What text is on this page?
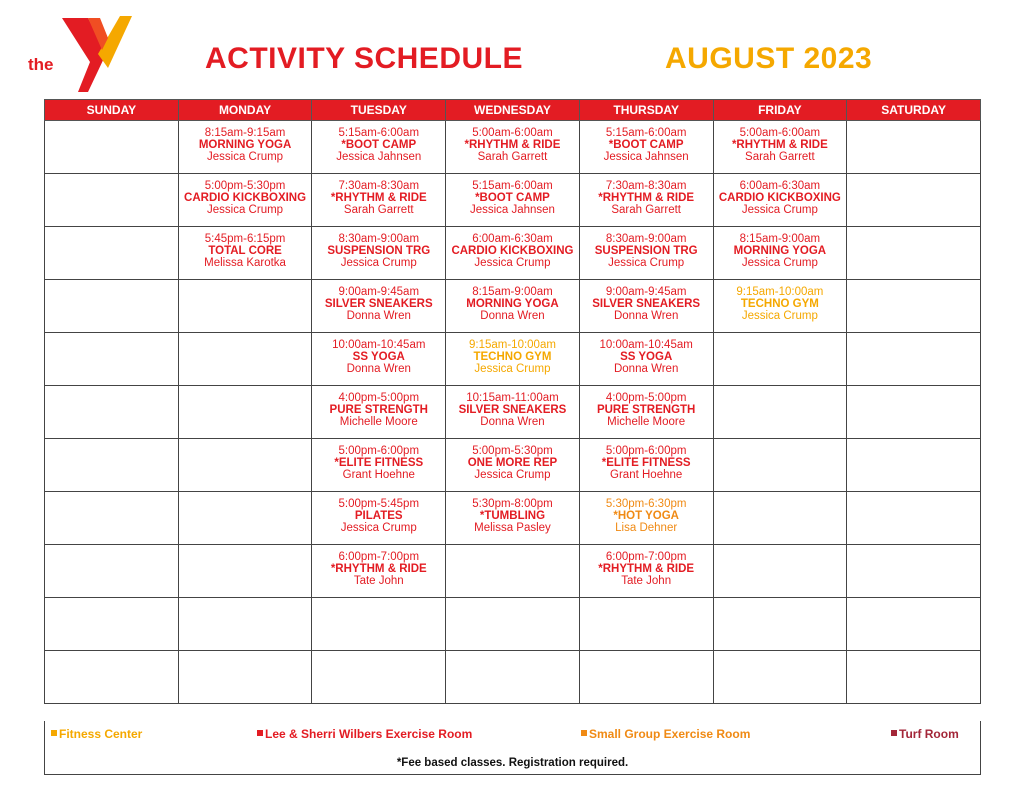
the
YMCA
ACTIVITY SCHEDULE	AUGUST 2023
SUNDAY	MONDAY	TUESDAY	WEDNESDAY	THURSDAY	FRIDAY	SATURDAY

	8:15am-9:15am
MORNING YOGA
Jessica Crump	5:15am-6:00am
*BOOT CAMP
Jessica Jahnsen	5:00am-6:00am
*RHYTHM & RIDE
Sarah Garrett	5:15am-6:00am
*BOOT CAMP
Jessica Jahnsen	5:00am-6:00am
*RHYTHM & RIDE
Sarah Garrett	

	5:00pm-5:30pm
CARDIO KICKBOXING
Jessica Crump	7:30am-8:30am
*RHYTHM & RIDE
Sarah Garrett	5:15am-6:00am
*BOOT CAMP
Jessica Jahnsen	7:30am-8:30am
*RHYTHM & RIDE
Sarah Garrett	6:00am-6:30am
CARDIO KICKBOXING
Jessica Crump	

	5:45pm-6:15pm
TOTAL CORE
Melissa Karotka	8:30am-9:00am
SUSPENSION TRG
Jessica Crump	6:00am-6:30am
CARDIO KICKBOXING
Jessica Crump	8:30am-9:00am
SUSPENSION TRG
Jessica Crump	8:15am-9:00am
MORNING YOGA
Jessica Crump	

		9:00am-9:45am
SILVER SNEAKERS
Donna Wren	8:15am-9:00am
MORNING YOGA
Donna Wren	9:00am-9:45am
SILVER SNEAKERS
Donna Wren	9:15am-10:00am
TECHNO GYM
Jessica Crump	

		10:00am-10:45am
SS YOGA
Donna Wren	9:15am-10:00am
TECHNO GYM
Jessica Crump	10:00am-10:45am
SS YOGA
Donna Wren		

		4:00pm-5:00pm
PURE STRENGTH
Michelle Moore	10:15am-11:00am
SILVER SNEAKERS
Donna Wren	4:00pm-5:00pm
PURE STRENGTH
Michelle Moore		

		5:00pm-6:00pm
*ELITE FITNESS
Grant Hoehne	5:00pm-5:30pm
ONE MORE REP
Jessica Crump	5:00pm-6:00pm
*ELITE FITNESS
Grant Hoehne		

		5:00pm-5:45pm
PILATES
Jessica Crump	5:30pm-8:00pm
*TUMBLING
Melissa Pasley	5:30pm-6:30pm
*HOT YOGA
Lisa Dehner		

		6:00pm-7:00pm
*RHYTHM & RIDE
Tate John		6:00pm-7:00pm
*RHYTHM & RIDE
Tate John		

Fitness Center	Lee & Sherri Wilbers Exercise Room	Small Group Exercise Room	Turf Room
*Fee based classes. Registration required.
